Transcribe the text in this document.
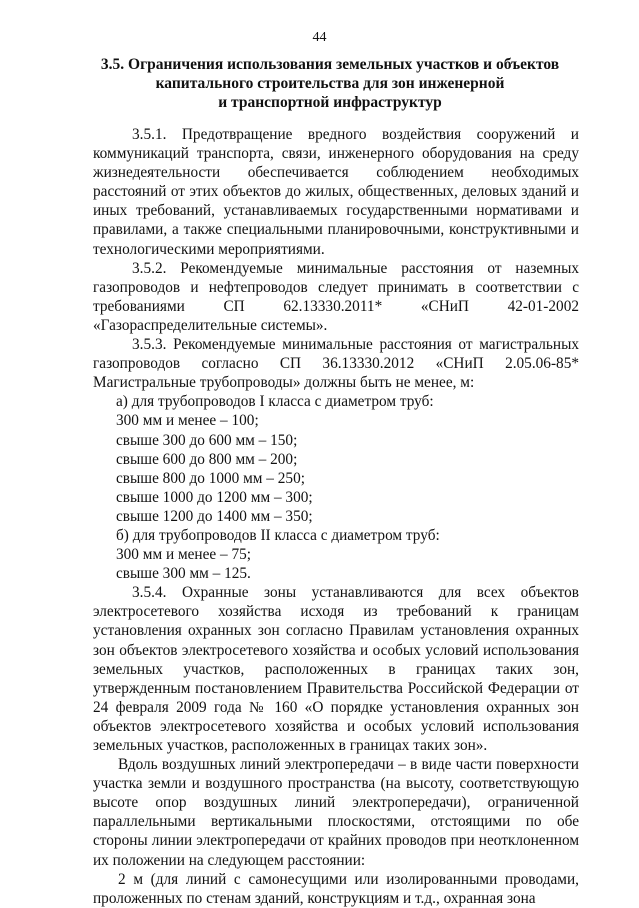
44
3.5. Ограничения использования земельных участков и объектов
капитального строительства для зон инженерной
и транспортной инфраструктур

3.5.1. Предотвращение вредного воздействия сооружений и коммуникаций транспорта, связи, инженерного оборудования на среду жизнедеятельности обеспечивается соблюдением необходимых расстояний от этих объектов до жилых, общественных, деловых зданий и иных требований, устанавливаемых государственными нормативами и правилами, а также специальными планировочными, конструктивными и технологическими мероприятиями.

3.5.2. Рекомендуемые минимальные расстояния от наземных газопроводов и нефтепроводов следует принимать в соответствии с требованиями СП 62.13330.2011* «СНиП 42-01-2002 «Газораспределительные системы».

3.5.3. Рекомендуемые минимальные расстояния от магистральных газопроводов согласно СП 36.13330.2012 «СНиП 2.05.06-85* Магистральные трубопроводы» должны быть не менее, м:

а) для трубопроводов I класса с диаметром труб:

300 мм и менее – 100;

свыше 300 до 600 мм – 150;

свыше 600 до 800 мм – 200;

свыше 800 до 1000 мм – 250;

свыше 1000 до 1200 мм – 300;

свыше 1200 до 1400 мм – 350;

б) для трубопроводов II класса с диаметром труб:

300 мм и менее – 75;

свыше 300 мм – 125.

3.5.4. Охранные зоны устанавливаются для всех объектов электросетевого хозяйства исходя из требований к границам установления охранных зон согласно Правилам установления охранных зон объектов электросетевого хозяйства и особых условий использования земельных участков, расположенных в границах таких зон, утвержденным постановлением Правительства Российской Федерации от 24 февраля 2009 года № 160 «О порядке установления охранных зон объектов электросетевого хозяйства и особых условий использования земельных участков, расположенных в границах таких зон».

Вдоль воздушных линий электропередачи – в виде части поверхности участка земли и воздушного пространства (на высоту, соответствующую высоте опор воздушных линий электропередачи), ограниченной параллельными вертикальными плоскостями, отстоящими по обе стороны линии электропередачи от крайних проводов при неотклоненном их положении на следующем расстоянии:

2 м (для линий с самонесущими или изолированными проводами, проложенных по стенам зданий, конструкциям и т.д., охранная зона
